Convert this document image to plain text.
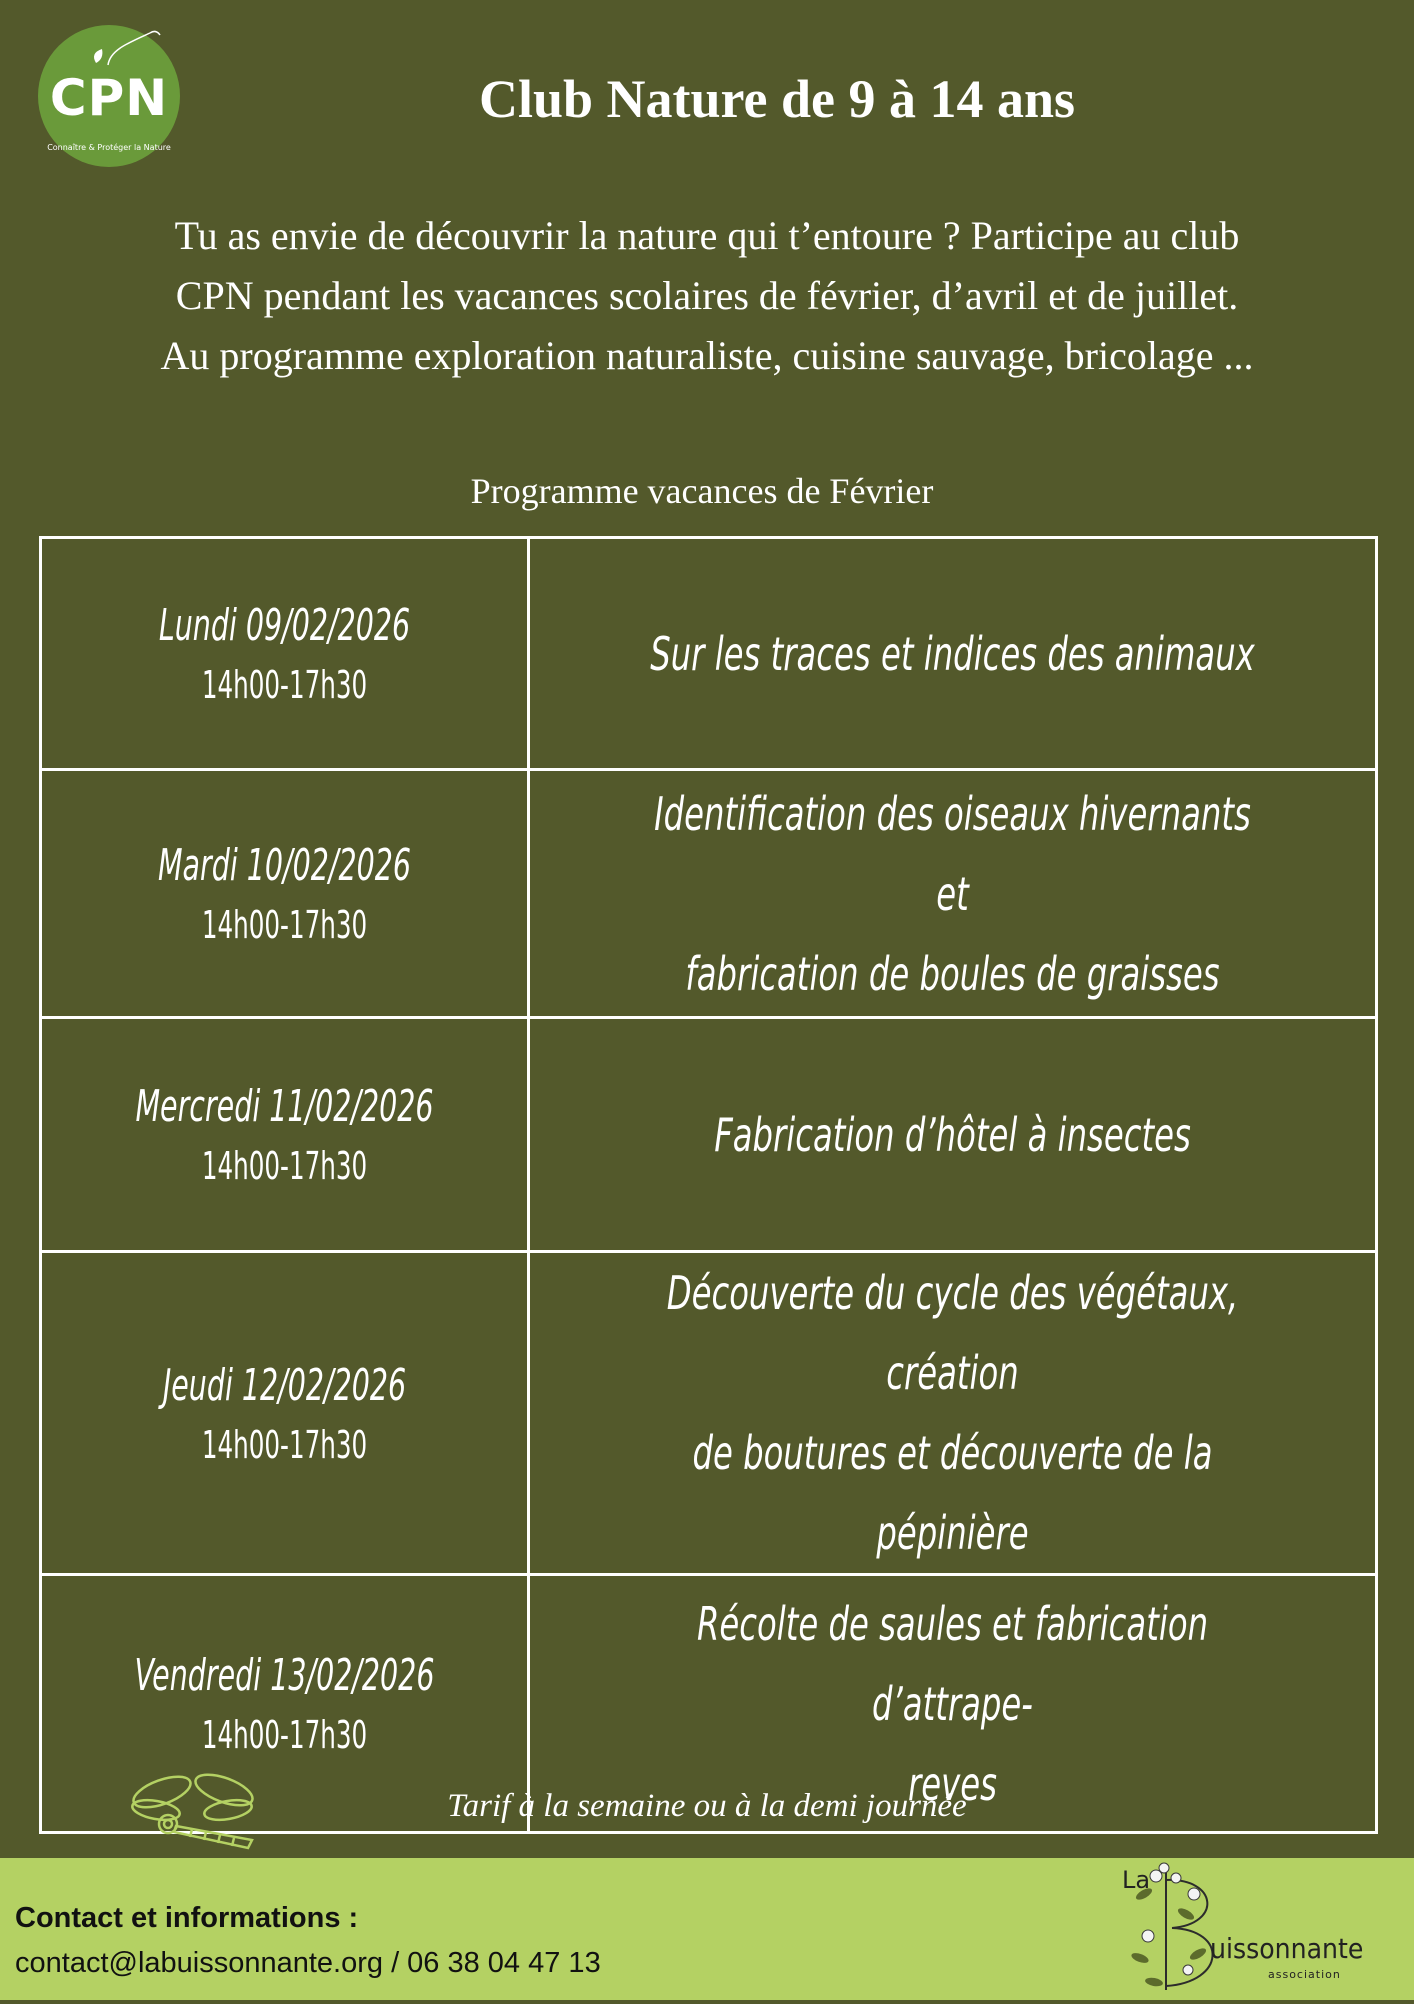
CPN
Connaître & Protéger la Nature
Club Nature de 9 à 14 ans

Tu as envie de découvrir la nature qui t’entoure ? Participe au club
CPN pendant les vacances scolaires de février, d’avril et de juillet.
Au programme exploration naturaliste, cuisine sauvage, bricolage ...

Programme vacances de Février
Lundi 09/02/2026
14h00-17h30	Sur les traces et indices des animaux

Mardi 10/02/2026
14h00-17h30	Identification des oiseaux hivernants et
fabrication de boules de graisses

Mercredi 11/02/2026
14h00-17h30	Fabrication d’hôtel à insectes

Jeudi 12/02/2026
14h00-17h30	Découverte du cycle des végétaux, création
de boutures et découverte de la pépinière

Vendredi 13/02/2026
14h00-17h30	Récolte de saules et fabrication d’attrape-
reves
Tarif à la semaine ou à la demi journée
Contact et informations :
contact@labuissonnante.org / 06 38 04 47 13
La
uissonnante
association
